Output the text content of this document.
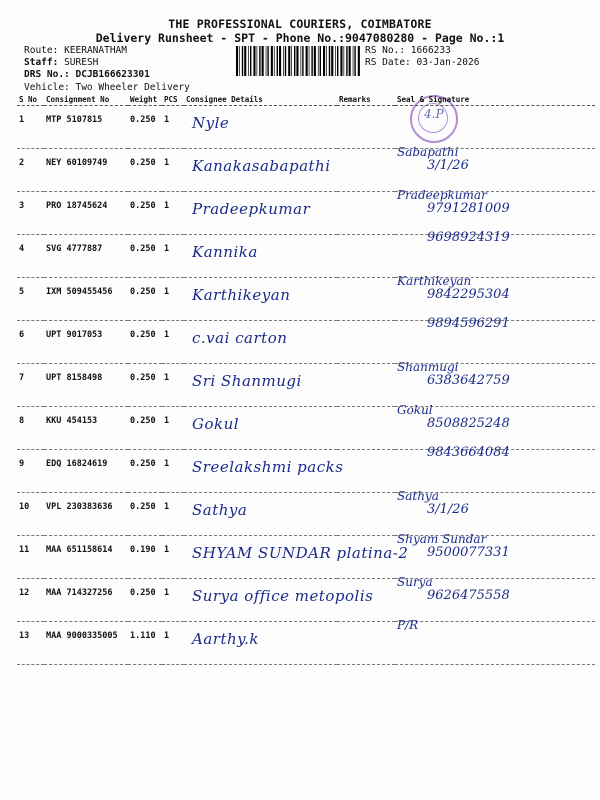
THE PROFESSIONAL COURIERS, COIMBATORE
Delivery Runsheet - SPT - Phone No.:9047080280 - Page No.:1
Route: KEERANATHAM
Staff: SURESH
DRS No.: DCJB166623301
RS No.: 1666233
RS Date: 03-Jan-2026
Vehicle: Two Wheeler Delivery
4.P
S No	Consignment No	Weight	PCS	Consignee Details	Remarks	Seal & Signature
1	MTP 5107815	0.250	1	Nyle		

2	NEY 60109749	0.250	1	Kanakasabapathi		Sabapathi
3/1/26

3	PRO 18745624	0.250	1	Pradeepkumar		Pradeepkumar
9791281009

4	SVG 4777887	0.250	1	Kannika		9698924319

5	IXM 509455456	0.250	1	Karthikeyan		Karthikeyan
9842295304

6	UPT 9017053	0.250	1	c.vai carton		9894596291

7	UPT 8158498	0.250	1	Sri Shanmugi		Shanmugi
6383642759

8	KKU 454153	0.250	1	Gokul		Gokul
8508825248

9	EDQ 16824619	0.250	1	Sreelakshmi packs		9843664084

10	VPL 230383636	0.250	1	Sathya		Sathya
3/1/26

11	MAA 651158614	0.190	1	SHYAM SUNDAR platina-2		Shyam Sundar
9500077331

12	MAA 714327256	0.250	1	Surya office metopolis		Surya
9626475558

13	MAA 9000335005	1.110	1	Aarthy.k		P/R
